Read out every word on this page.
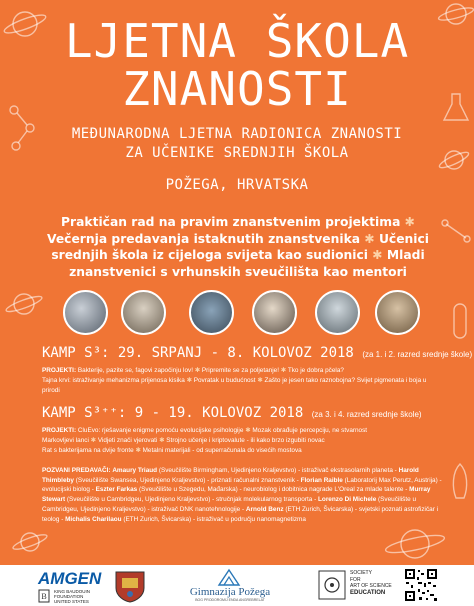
LJETNA ŠKOLA
ZNANOSTI
MEĐUNARODNA LJETNA RADIONICA ZNANOSTI
ZA UČENIKE SREDNJIH ŠKOLA
POŽEGA, HRVATSKA
Praktičan rad na pravim znanstvenim projektima ✱ Večernja predavanja istaknutih znanstvenika ✱ Učenici srednjih škola iz cijeloga svijeta kao sudionici ✱ Mladi znanstvenici s vrhunskih sveučilišta kao mentori
KAMP S³: 29. SRPANJ - 8. KOLOVOZ 2018 (za 1. i 2. razred srednje škole)
PROJEKTI: Bakterije, pazite se, fagovi započinju lov! ✱ Pripremite se za poljetanje! ✱ Tko je dobra pčela?
Tajna krvi: istraživanje mehanizma prijenosa kisika ✱ Povratak u budućnost ✱ Zašto je jesen tako raznobojna? Svijet pigmenata i boja u prirodi
KAMP S³⁺⁺: 9 - 19. KOLOVOZ 2018 (za 3. i 4. razred srednje škole)
PROJEKTI: CluEvo: rješavanje enigme pomoću evolucijske psihologije ✱ Mozak obrađuje percepciju, ne stvarnost
Markovljevi lanci ✱ Vidjeti znači vjerovati ✱ Strojno učenje i kriptovalute - ili kako brzo izgubiti novac
Rat s bakterijama na dvije fronte ✱ Metalni materijali - od superračunala do visećih mostova
POZVANI PREDAVAČI: Amaury Triaud (Sveučilište Birmingham, Ujedinjeno Kraljevstvo) - istraživač ekstrasolarnih planeta - Harold Thimbleby (Sveučilište Swansea, Ujedinjeno Kraljevstvo) - priznati računalni znanstvenik - Florian Raible (Laboratorij Max Perutz, Austrija) - evolucijski biolog - Eszter Farkas (Sveučilište u Szegedu, Mađarska) - neurobiolog i dobitnica nagrade L'Oreal za mlade talente - Murray Stewart (Sveučilište u Cambridgeu, Ujedinjeno Kraljevstvo) - stručnjak molekularnog transporta - Lorenzo Di Michele (Sveučilište u Cambridgeu, Ujedinjeno Kraljevstvo) - istraživač DNK nanotehnologije - Arnold Benz (ETH Zurich, Švicarska) - svjetski poznati astrofizičar i teolog - Michalis Charilaou (ETH Zurich, Švicarska) - istraživač u području nanomagnetizma
AMGEN
B
KING BAUDOUIN
FOUNDATION
UNITED STATES
Gimnazija Požega
BOG PRODOROMIJ ENDA ANGREBRELAT
SOCIETY
FOR
ART OF SCIENCE
EDUCATION
